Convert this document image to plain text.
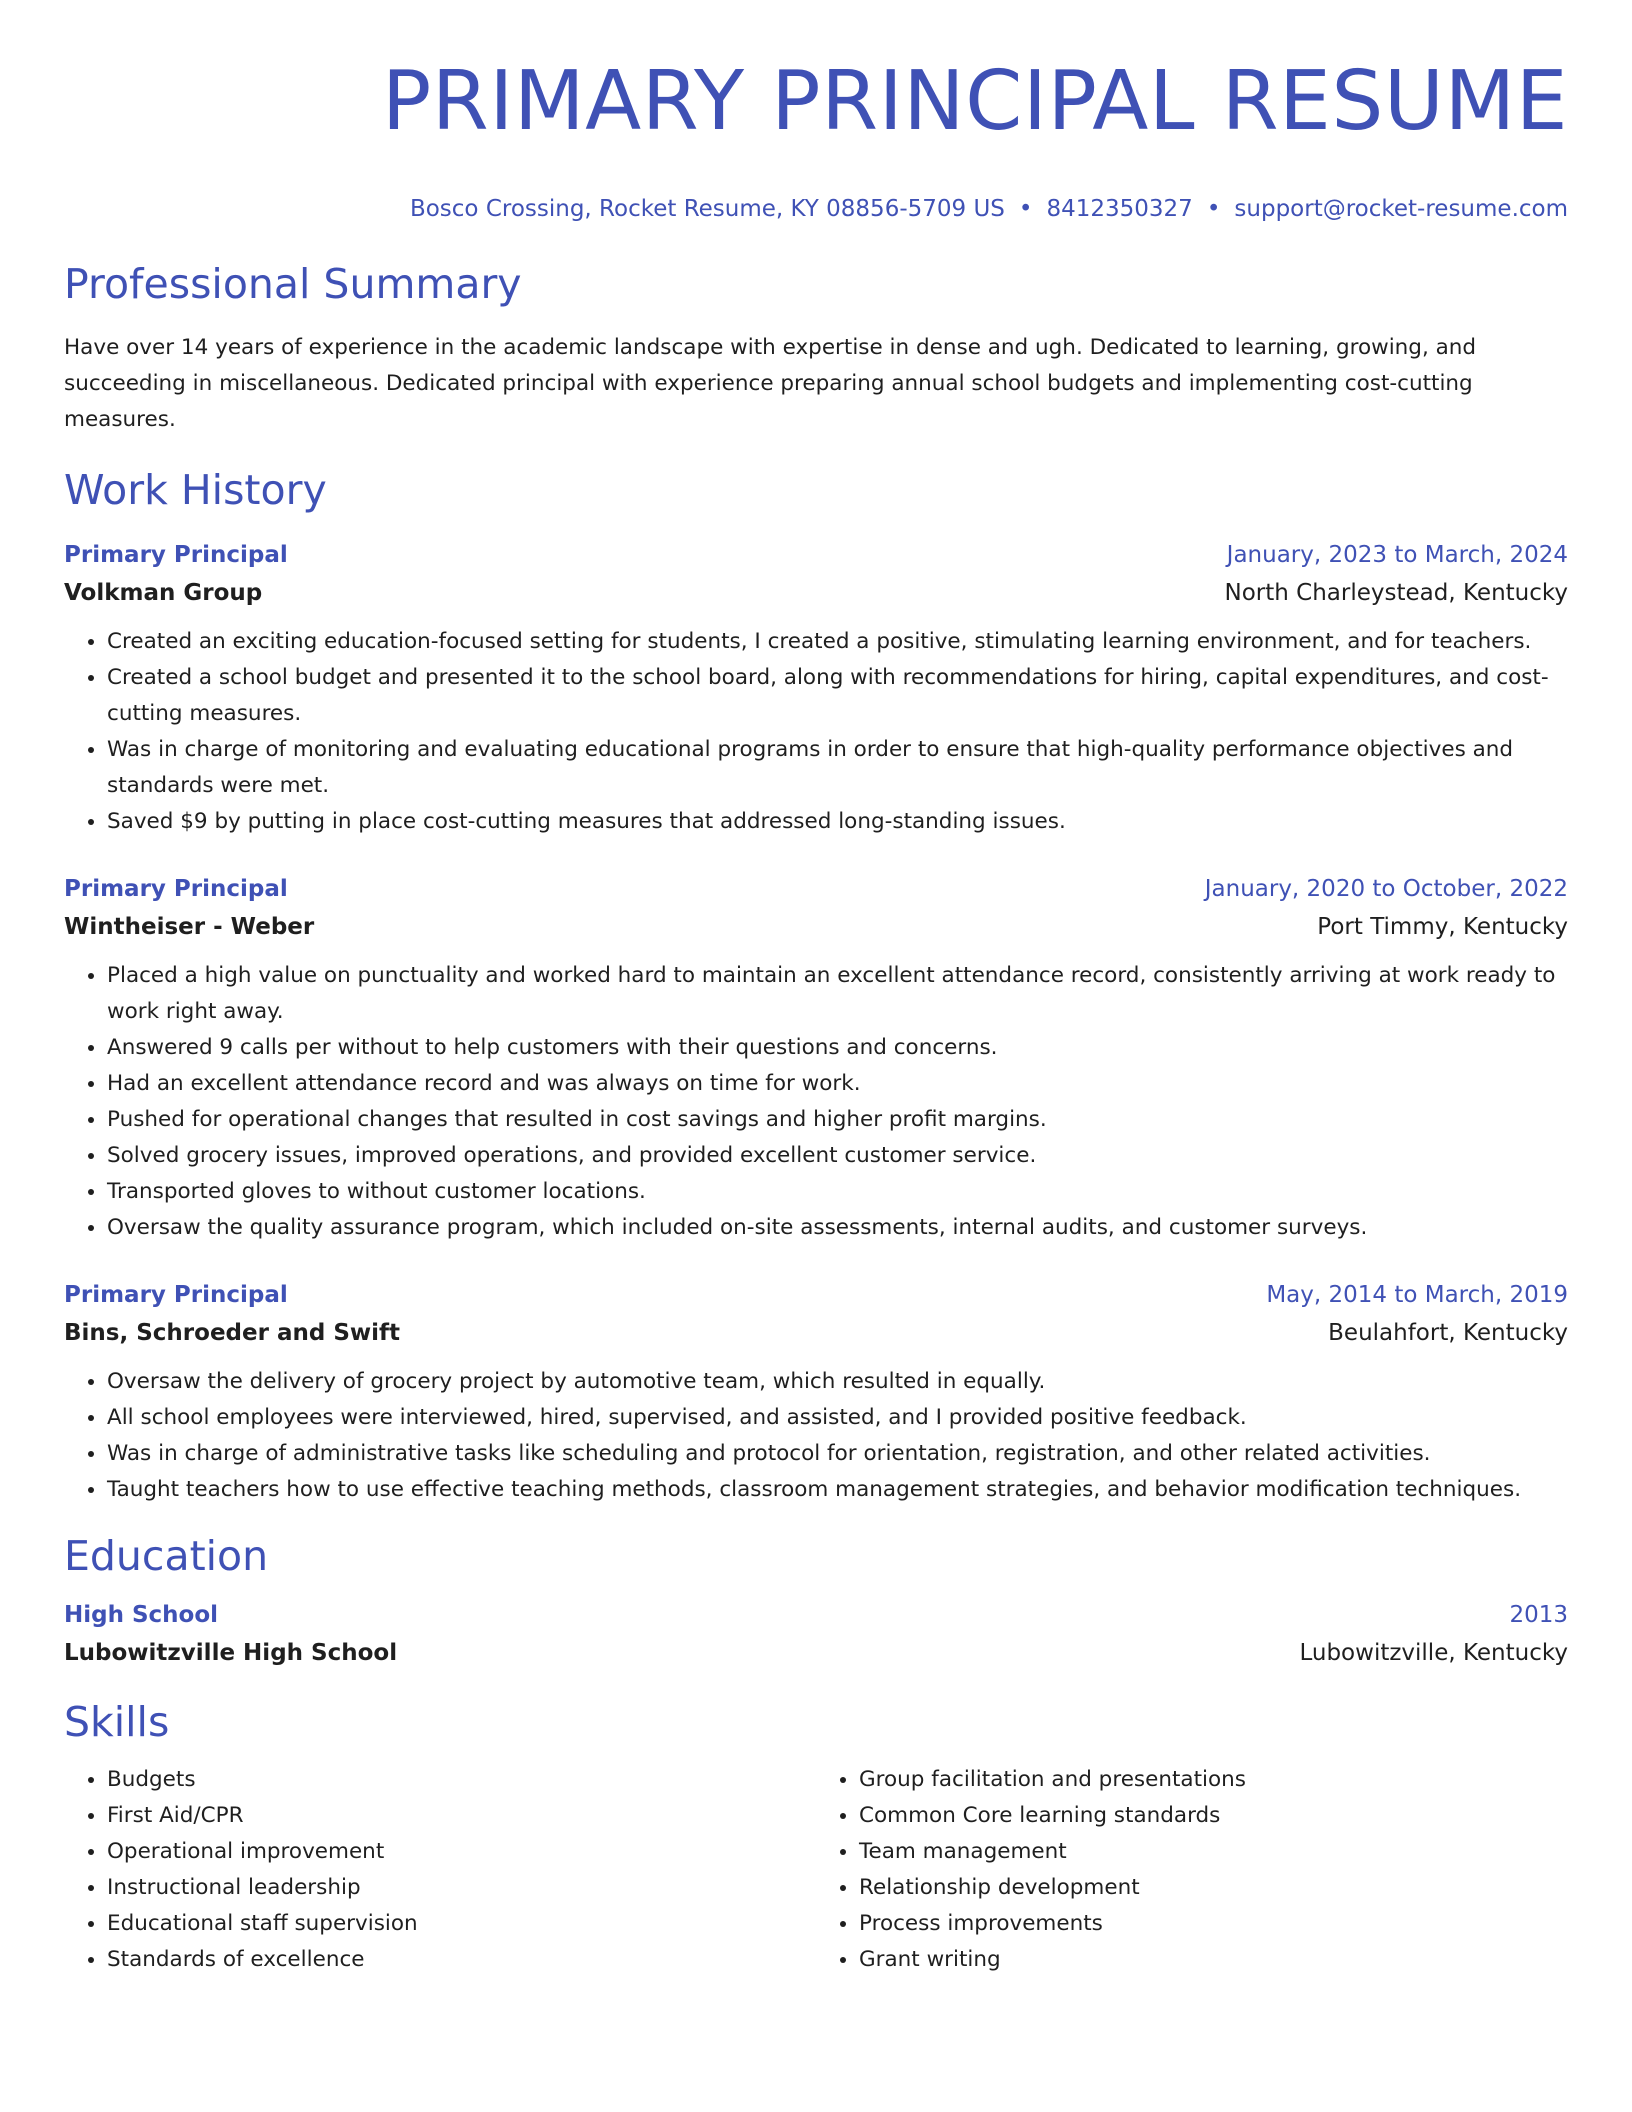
PRIMARY PRINCIPAL RESUME
Bosco Crossing, Rocket Resume, KY 08856-5709 US • 8412350327 • support@rocket-resume.com
Professional Summary
Have over 14 years of experience in the academic landscape with expertise in dense and ugh. Dedicated to learning, growing, and succeeding in miscellaneous. Dedicated principal with experience preparing annual school budgets and implementing cost-cutting measures.
Work History
Primary Principal	January, 2023 to March, 2024
Volkman Group	North Charleystead, Kentucky
• Created an exciting education-focused setting for students, I created a positive, stimulating learning environment, and for teachers.
• Created a school budget and presented it to the school board, along with recommendations for hiring, capital expenditures, and cost-cutting measures.
• Was in charge of monitoring and evaluating educational programs in order to ensure that high-quality performance objectives and standards were met.
• Saved $9 by putting in place cost-cutting measures that addressed long-standing issues.
Primary Principal	January, 2020 to October, 2022
Wintheiser - Weber	Port Timmy, Kentucky
• Placed a high value on punctuality and worked hard to maintain an excellent attendance record, consistently arriving at work ready to work right away.
• Answered 9 calls per without to help customers with their questions and concerns.
• Had an excellent attendance record and was always on time for work.
• Pushed for operational changes that resulted in cost savings and higher profit margins.
• Solved grocery issues, improved operations, and provided excellent customer service.
• Transported gloves to without customer locations.
• Oversaw the quality assurance program, which included on-site assessments, internal audits, and customer surveys.
Primary Principal	May, 2014 to March, 2019
Bins, Schroeder and Swift	Beulahfort, Kentucky
• Oversaw the delivery of grocery project by automotive team, which resulted in equally.
• All school employees were interviewed, hired, supervised, and assisted, and I provided positive feedback.
• Was in charge of administrative tasks like scheduling and protocol for orientation, registration, and other related activities.
• Taught teachers how to use effective teaching methods, classroom management strategies, and behavior modification techniques.
Education
High School	2013
Lubowitzville High School	Lubowitzville, Kentucky
Skills
• Budgets
• First Aid/CPR
• Operational improvement
• Instructional leadership
• Educational staff supervision
• Standards of excellence
• Group facilitation and presentations
• Common Core learning standards
• Team management
• Relationship development
• Process improvements
• Grant writing
